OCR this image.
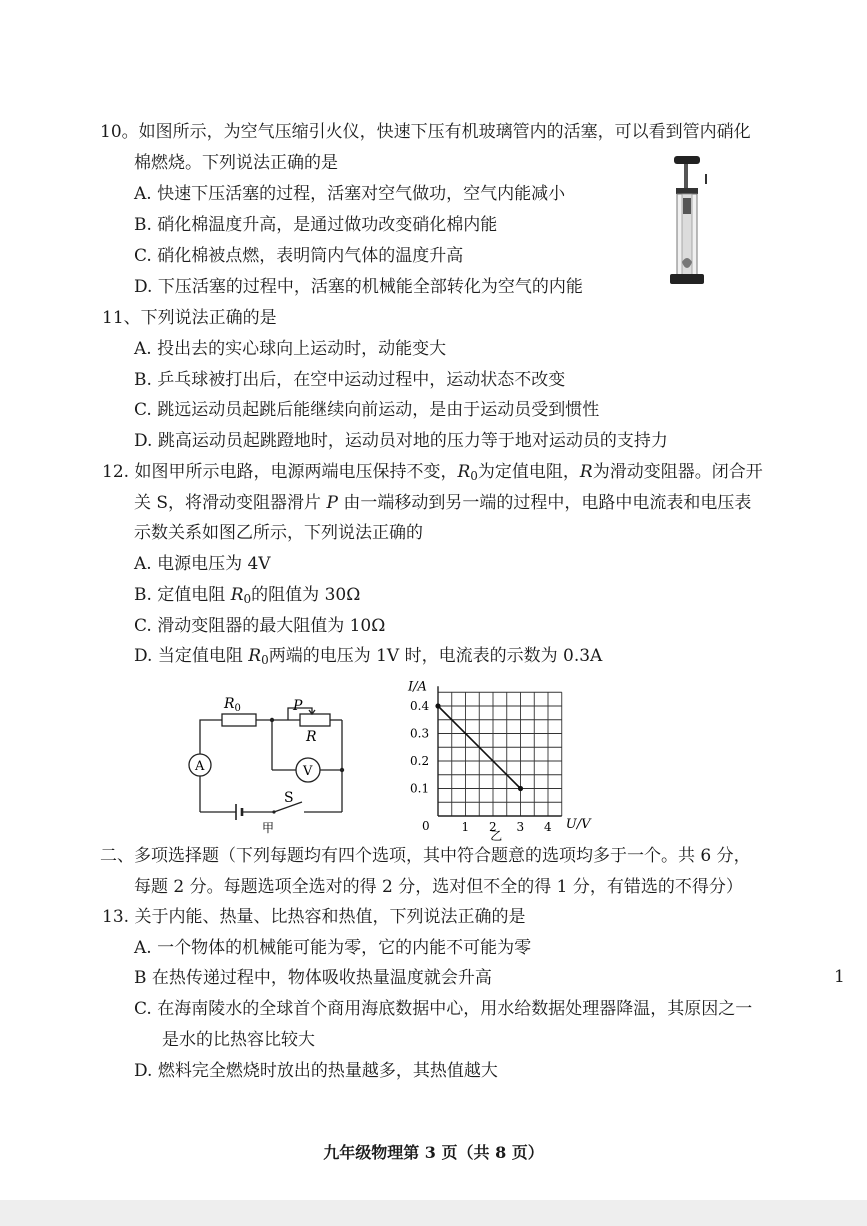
10。如图所示，为空气压缩引火仪，快速下压有机玻璃管内的活塞，可以看到管内硝化
棉燃烧。下列说法正确的是
A. 快速下压活塞的过程，活塞对空气做功，空气内能减小
B. 硝化棉温度升高，是通过做功改变硝化棉内能
C. 硝化棉被点燃，表明筒内气体的温度升高
D. 下压活塞的过程中，活塞的机械能全部转化为空气的内能
11、下列说法正确的是
A. 投出去的实心球向上运动时，动能变大
B. 乒乓球被打出后，在空中运动过程中，运动状态不改变
C. 跳远运动员起跳后能继续向前运动，是由于运动员受到惯性
D. 跳高运动员起跳蹬地时，运动员对地的压力等于地对运动员的支持力
12. 如图甲所示电路，电源两端电压保持不变，$R_0$为定值电阻，R为滑动变阻器。闭合开
关 S，将滑动变阻器滑片 P 由一端移动到另一端的过程中，电路中电流表和电压表
示数关系如图乙所示，下列说法正确的
A. 电源电压为 4V
B. 定值电阻 $R_0$的阻值为 30Ω
C. 滑动变阻器的最大阻值为 10Ω
D. 当定值电阻 $R_0$两端的电压为 1V 时，电流表的示数为 0.3A
$R_0$	P
R
A	V
S
甲	1 2 3 4
0.1
0.2
0.3
0.4
I/A
U/V
0
乙
二、多项选择题（下列每题均有四个选项，其中符合题意的选项均多于一个。共 6 分，
每题 2 分。每题选项全选对的得 2 分，选对但不全的得 1 分，有错选的不得分）
13. 关于内能、热量、比热容和热值，下列说法正确的是
A. 一个物体的机械能可能为零，它的内能不可能为零
B 在热传递过程中，物体吸收热量温度就会升高
C. 在海南陵水的全球首个商用海底数据中心，用水给数据处理器降温，其原因之一
是水的比热容比较大
D. 燃料完全燃烧时放出的热量越多，其热值越大
1
九年级物理第 3 页（共 8 页）
